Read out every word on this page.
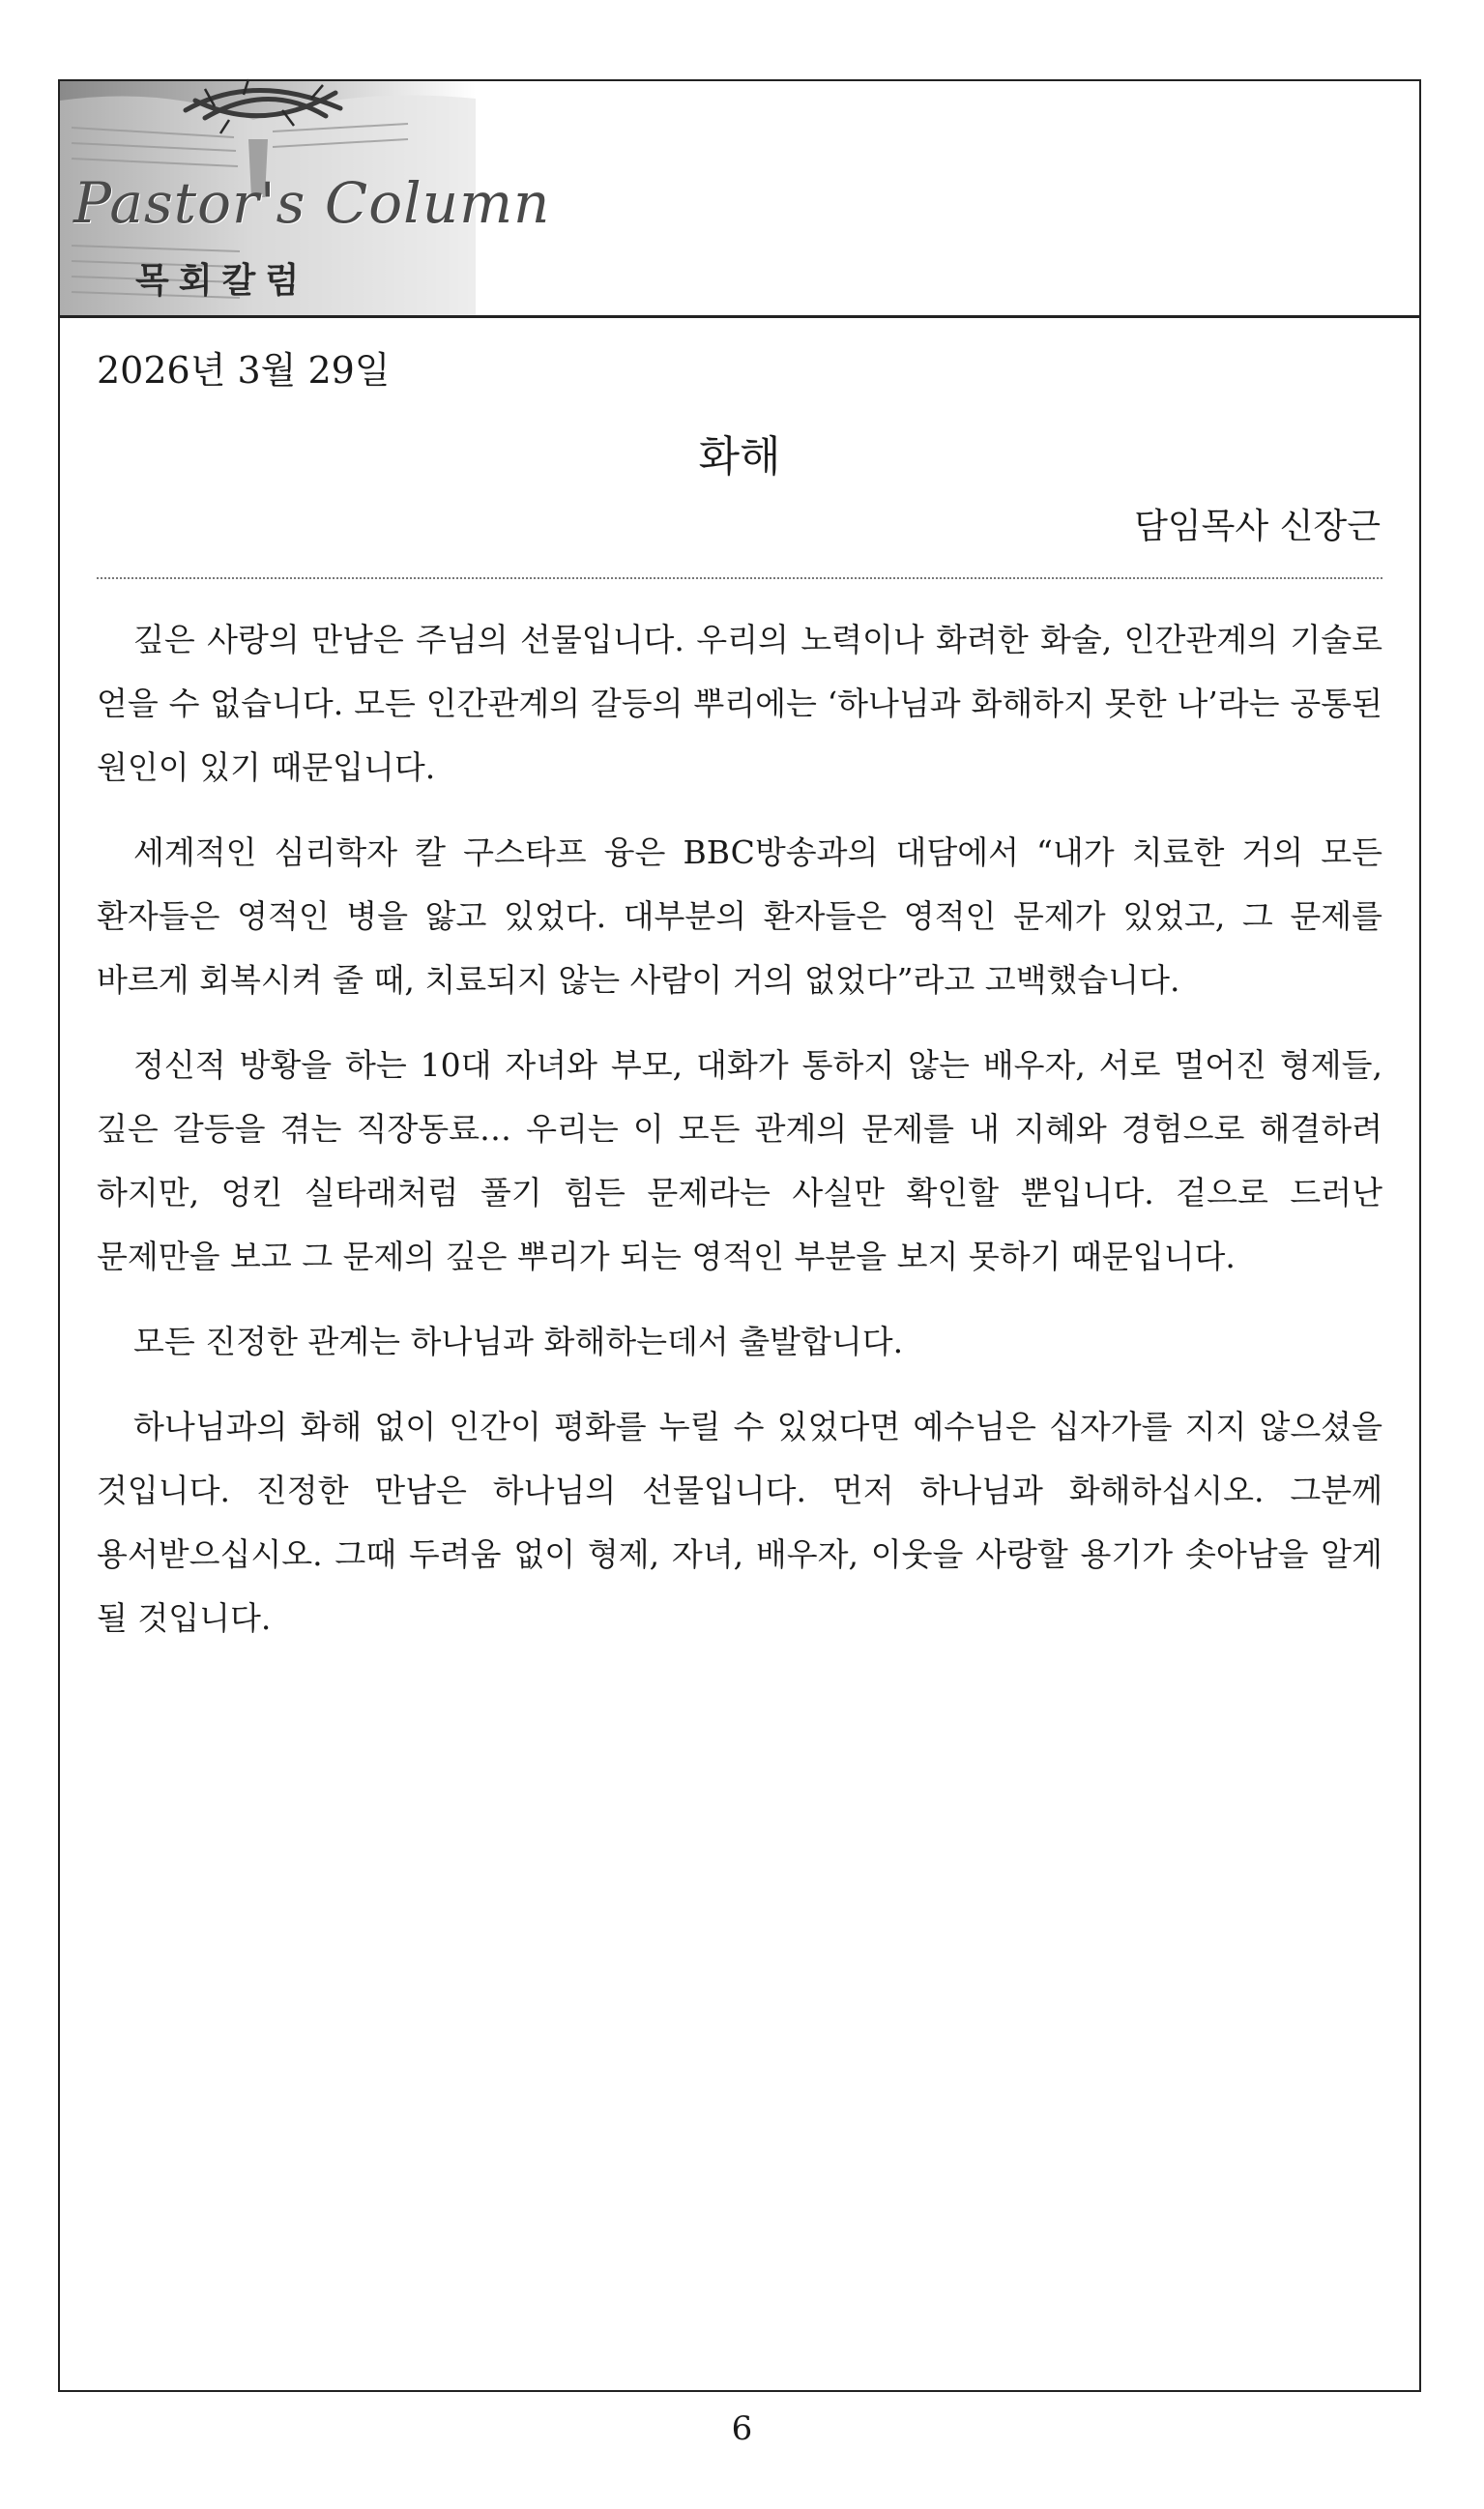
Pastor's Column
목회칼럼
2026년 3월 29일
화해
담임목사 신장근

깊은 사랑의 만남은 주님의 선물입니다. 우리의 노력이나 화려한 화술, 인간관계의 기술로 얻을 수 없습니다. 모든 인간관계의 갈등의 뿌리에는 ‘하나님과 화해하지 못한 나’라는 공통된 원인이 있기 때문입니다.

세계적인 심리학자 칼 구스타프 융은 BBC방송과의 대담에서 “내가 치료한 거의 모든 환자들은 영적인 병을 앓고 있었다. 대부분의 환자들은 영적인 문제가 있었고, 그 문제를 바르게 회복시켜 줄 때, 치료되지 않는 사람이 거의 없었다”라고 고백했습니다.

정신적 방황을 하는 10대 자녀와 부모, 대화가 통하지 않는 배우자, 서로 멀어진 형제들, 깊은 갈등을 겪는 직장동료… 우리는 이 모든 관계의 문제를 내 지혜와 경험으로 해결하려 하지만, 엉킨 실타래처럼 풀기 힘든 문제라는 사실만 확인할 뿐입니다. 겉으로 드러난 문제만을 보고 그 문제의 깊은 뿌리가 되는 영적인 부분을 보지 못하기 때문입니다.

모든 진정한 관계는 하나님과 화해하는데서 출발합니다.

하나님과의 화해 없이 인간이 평화를 누릴 수 있었다면 예수님은 십자가를 지지 않으셨을 것입니다. 진정한 만남은 하나님의 선물입니다. 먼저 하나님과 화해하십시오. 그분께 용서받으십시오. 그때 두려움 없이 형제, 자녀, 배우자, 이웃을 사랑할 용기가 솟아남을 알게 될 것입니다.

6
